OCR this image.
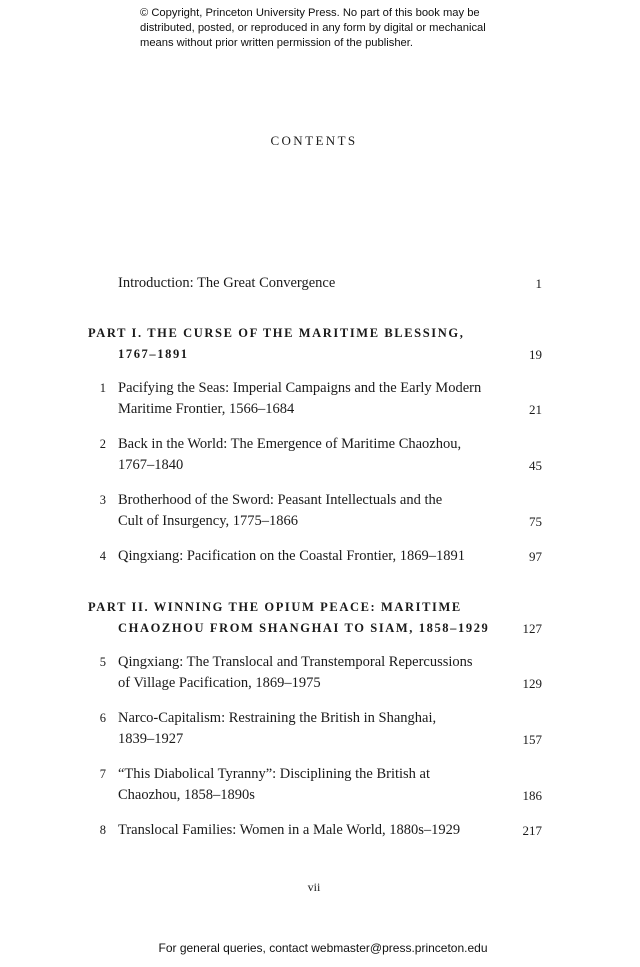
© Copyright, Princeton University Press. No part of this book may be
distributed, posted, or reproduced in any form by digital or mechanical
means without prior written permission of the publisher.
CONTENTS
Introduction: The Great Convergence	1
PART I. THE CURSE OF THE MARITIME BLESSING,
1767–1891	19
1 Pacifying the Seas: Imperial Campaigns and the Early Modern
Maritime Frontier, 1566–1684	21
2 Back in the World: The Emergence of Maritime Chaozhou,
1767–1840	45
3 Brotherhood of the Sword: Peasant Intellectuals and the
Cult of Insurgency, 1775–1866	75
4 Qingxiang: Pacification on the Coastal Frontier, 1869–1891	97
PART II. WINNING THE OPIUM PEACE: MARITIME
CHAOZHOU FROM SHANGHAI TO SIAM, 1858–1929	127
5 Qingxiang: The Translocal and Transtemporal Repercussions
of Village Pacification, 1869–1975	129
6 Narco-Capitalism: Restraining the British in Shanghai,
1839–1927	157
7 “This Diabolical Tyranny”: Disciplining the British at
Chaozhou, 1858–1890s	186
8 Translocal Families: Women in a Male World, 1880s–1929	217
vii
For general queries, contact webmaster@press.princeton.edu
